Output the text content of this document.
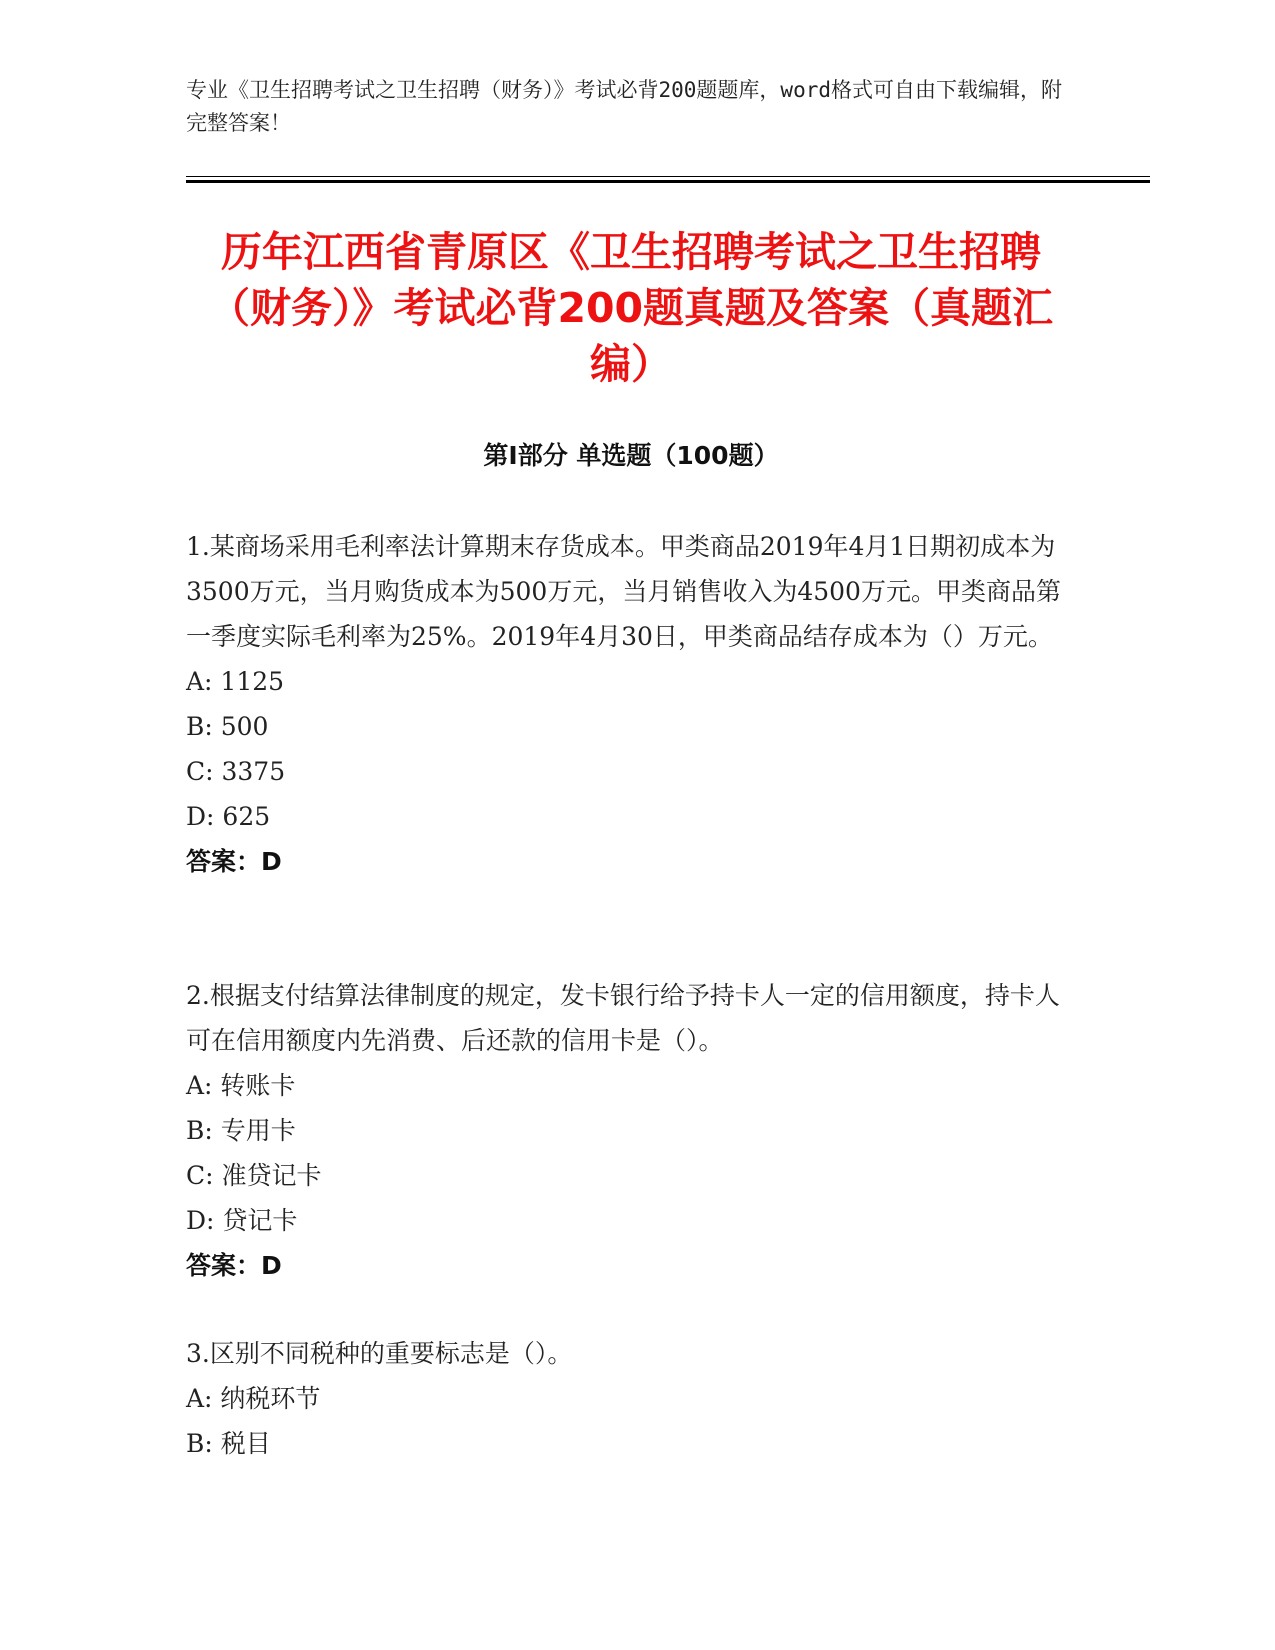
专业《卫生招聘考试之卫生招聘（财务）》考试必背200题题库，word格式可自由下载编辑，附完整答案！
历年江西省青原区《卫生招聘考试之卫生招聘（财务）》考试必背200题真题及答案（真题汇编）
第I部分 单选题（100题）

1.某商场采用毛利率法计算期末存货成本。甲类商品2019年4月1日期初成本为3500万元，当月购货成本为500万元，当月销售收入为4500万元。甲类商品第一季度实际毛利率为25%。2019年4月30日，甲类商品结存成本为（）万元。

A: 1125

B: 500

C: 3375

D: 625

答案：D

2.根据支付结算法律制度的规定，发卡银行给予持卡人一定的信用额度，持卡人可在信用额度内先消费、后还款的信用卡是（）。

A: 转账卡

B: 专用卡

C: 准贷记卡

D: 贷记卡

答案：D

3.区别不同税种的重要标志是（）。

A: 纳税环节

B: 税目
